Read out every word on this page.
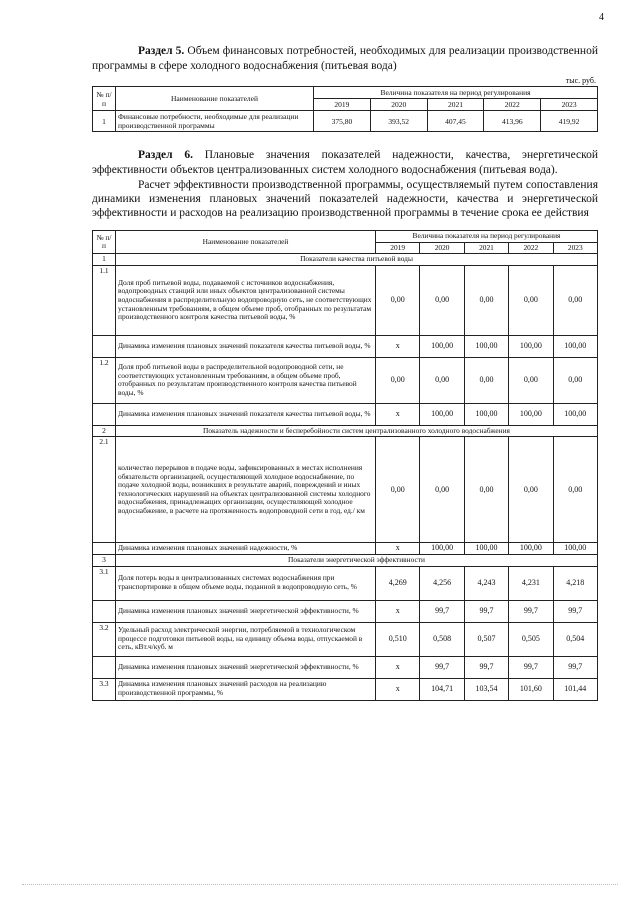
4

Раздел 5. Объем финансовых потребностей, необходимых для реализации производственной программы в сфере холодного водоснабжения (питьевая вода)

тыс. руб.
№ п/п	Наименование показателей	Величина показателя на период регулирования				
		2019	2020	2021	2022	2023
1	Финансовые потребности, необходимые для реализации производственной программы	375,80	393,52	407,45	413,96	419,92

Раздел 6. Плановые значения показателей надежности, качества, энергетической эффективности объектов централизованных систем холодного водоснабжения (питьевая вода).

Расчет эффективности производственной программы, осуществляемый путем сопоставления динамики изменения плановых значений показателей надежности, качества и энергетической эффективности и расходов на реализацию производственной программы в течение срока ее действия

№ п/п	Наименование показателей	Величина показателя на период регулирования				
		2019	2020	2021	2022	2023
1	Показатели качества питьевой воды					
1.1	Доля проб питьевой воды, подаваемой с источников водоснабжения, водопроводных станций или иных объектов централизованной системы водоснабжения в распределительную водопроводную сеть, не соответствующих установленным требованиям, в общем объеме проб, отобранных по результатам производственного контроля качества питьевой воды, %	0,00	0,00	0,00	0,00	0,00
	Динамика изменения плановых значений показателя качества питьевой воды, %	х	100,00	100,00	100,00	100,00
1.2	Доля проб питьевой воды в распределительной водопроводной сети, не соответствующих установленным требованиям, в общем объеме проб, отобранных по результатам производственного контроля качества питьевой воды, %	0,00	0,00	0,00	0,00	0,00
	Динамика изменения плановых значений показателя качества питьевой воды, %	х	100,00	100,00	100,00	100,00
2	Показатель надежности и бесперебойности систем централизованного холодного водоснабжения					
2.1	количество перерывов в подаче воды, зафиксированных в местах исполнения обязательств организацией, осуществляющей холодное водоснабжение, по подаче холодной воды, возникших в результате аварий, повреждений и иных технологических нарушений на объектах централизованной системы холодного водоснабжения, принадлежащих организации, осуществляющей холодное водоснабжение, в расчете на протяженность водопроводной сети в год, ед./ км	0,00	0,00	0,00	0,00	0,00
	Динамика изменения плановых значений надежности, %	х	100,00	100,00	100,00	100,00
3	Показатели энергетической эффективности					
3.1	Доля потерь воды в централизованных системах водоснабжения при транспортировке в общем объеме воды, поданной в водопроводную сеть, %	4,269	4,256	4,243	4,231	4,218
	Динамика изменения плановых значений энергетической эффективности, %	х	99,7	99,7	99,7	99,7
3.2	Удельный расход электрической энергии, потребляемой в технологическом процессе подготовки питьевой воды, на единицу объема воды, отпускаемой в сеть, кВт.ч/куб. м	0,510	0,508	0,507	0,505	0,504
	Динамика изменения плановых значений энергетической эффективности, %	х	99,7	99,7	99,7	99,7
3.3	Динамика изменения плановых значений расходов на реализацию производственной программы, %	х	104,71	103,54	101,60	101,44
